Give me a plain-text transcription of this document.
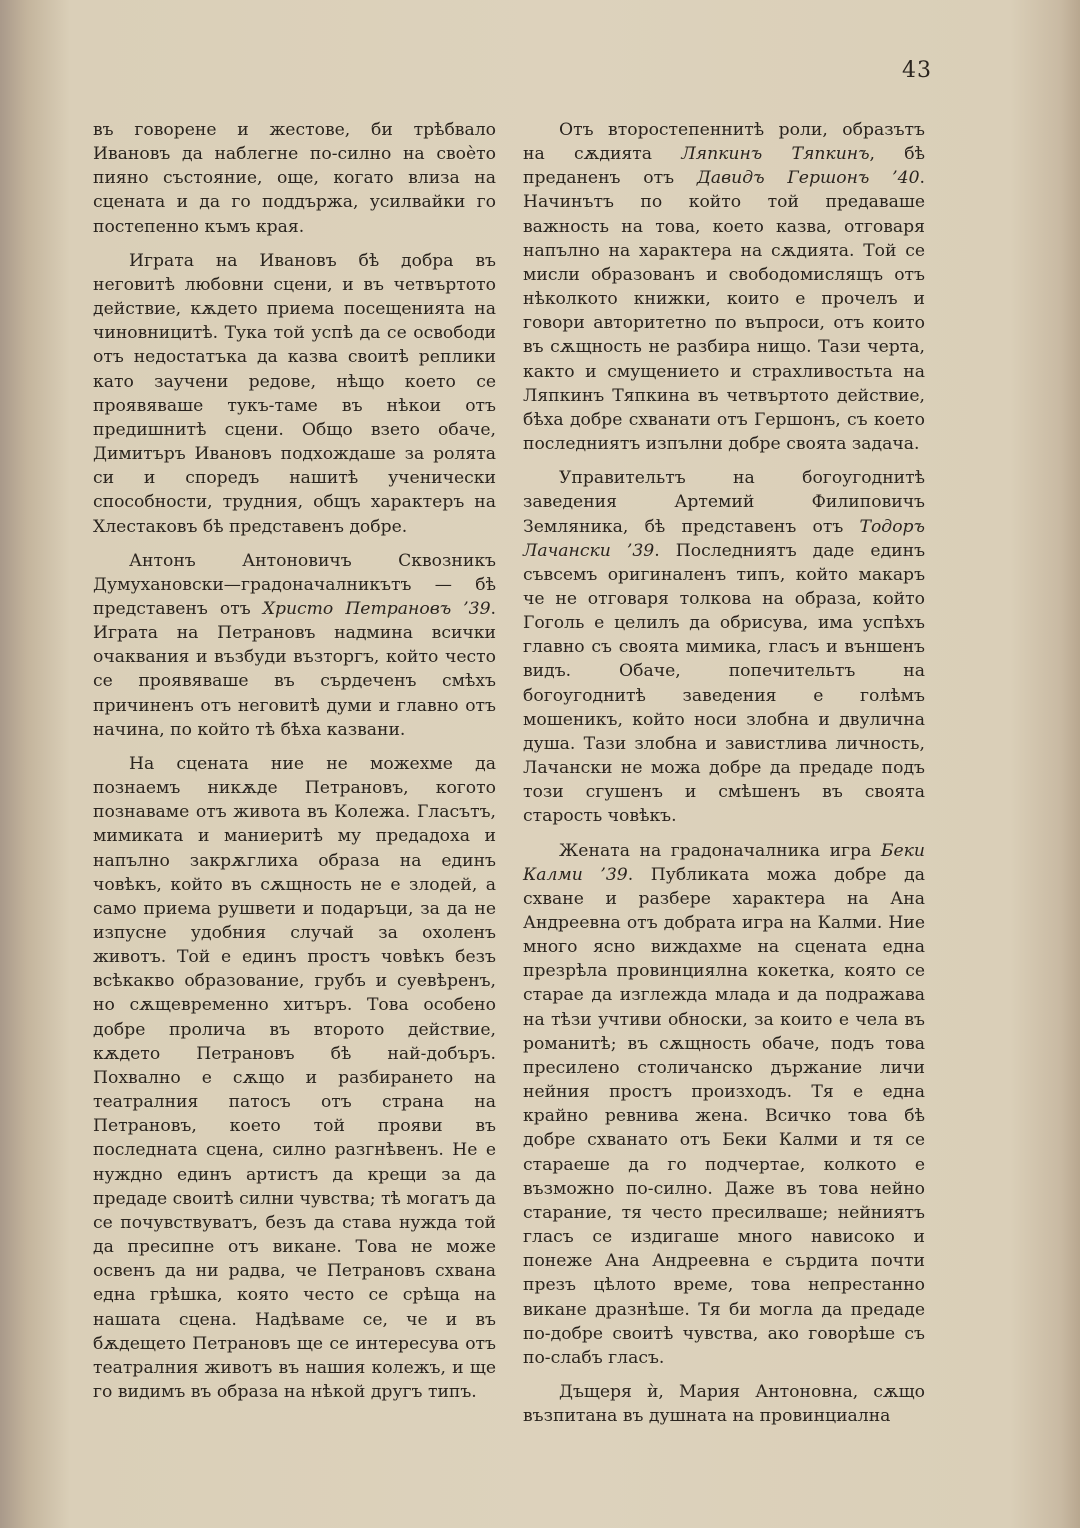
43

въ говорене и жестове, би трѣбвало Ивановъ да наблегне по-силно на своѐто пияно състояние, още, когато влиза на сцената и да го поддържа, усилвайки го постепенно къмъ края.

Играта на Ивановъ бѣ добра въ неговитѣ любовни сцени, и въ четвъртото действие, кѫдето приема посещенията на чиновницитѣ. Тука той успѣ да се освободи отъ недостатъка да казва своитѣ реплики като заучени редове, нѣщо което се проявяваше тукъ-таме въ нѣкои отъ предишнитѣ сцени. Общо взето обаче, Димитъръ Ивановъ подхождаше за ролята си и споредъ нашитѣ ученически способности, трудния, общъ характеръ на Хлестаковъ бѣ представенъ добре.

Антонъ Антоновичъ Сквозникъ Думухановски—градоначалникътъ — бѣ представенъ отъ Христо Петрановъ ’39. Играта на Петрановъ надмина всички очаквания и възбуди възторгъ, който често се проявяваше въ сърдеченъ смѣхъ причиненъ отъ неговитѣ думи и главно отъ начина, по който тѣ бѣха казвани.

На сцената ние не можехме да познаемъ никѫде Петрановъ, когото познаваме отъ живота въ Колежа. Гласътъ, мимиката и маниеритѣ му предадоха и напълно закрѫглиха образа на единъ човѣкъ, който въ сѫщность не е злодей, а само приема рушвети и подаръци, за да не изпусне удобния случай за охоленъ животъ. Той е единъ простъ човѣкъ безъ всѣкакво образование, грубъ и суевѣренъ, но сѫщевременно хитъръ. Това особено добре пролича въ второто действие, кѫдето Петрановъ бѣ най-добъръ. Похвално е сѫщо и разбирането на театралния патосъ отъ страна на Петрановъ, което той прояви въ последната сцена, силно разгнѣвенъ. Не е нуждно единъ артистъ да крещи за да предаде своитѣ силни чувства; тѣ могатъ да се почувствуватъ, безъ да става нужда той да пресипне отъ викане. Това не може освенъ да ни радва, че Петрановъ схвана една грѣшка, която често се срѣща на нашата сцена. Надѣваме се, че и въ бѫдещето Петрановъ ще се интересува отъ театралния животъ въ нашия колежъ, и ще го видимъ въ образа на нѣкой другъ типъ.

Отъ второстепеннитѣ роли, образътъ на сѫдията Ляпкинъ Тяпкинъ, бѣ преданенъ отъ Давидъ Гершонъ ’40. Начинътъ по който той предаваше важность на това, което казва, отговаря напълно на характера на сѫдията. Той се мисли образованъ и свободомислящъ отъ нѣколкото книжки, които е прочелъ и говори авторитетно по въпроси, отъ които въ сѫщность не разбира нищо. Тази черта, както и смущението и страхливостьта на Ляпкинъ Тяпкина въ четвъртото действие, бѣха добре схванати отъ Гершонъ, съ което последниятъ изпълни добре своята задача.

Управительтъ на богоугоднитѣ заведения Артемий Филиповичъ Земляника, бѣ представенъ отъ Тодоръ Лачански ’39. Последниятъ даде единъ съвсемъ оригиналенъ типъ, който макаръ че не отговаря толкова на образа, който Гоголь е целилъ да обрисува, има успѣхъ главно съ своята мимика, гласъ и външенъ видъ. Обаче, попечительтъ на богоугоднитѣ заведения е голѣмъ мошеникъ, който носи злобна и двулична душа. Тази злобна и завистлива личность, Лачански не можа добре да предаде подъ този сгушенъ и смѣшенъ въ своята старость човѣкъ.

Жената на градоначалника игра Беки Калми ’39. Публиката можа добре да схване и разбере характера на Ана Андреевна отъ добрата игра на Калми. Ние много ясно виждахме на сцената една презрѣла провинциялна кокетка, която се старае да изглежда млада и да подражава на тѣзи учтиви обноски, за които е чела въ романитѣ; въ сѫщность обаче, подъ това пресилено столичанско държание личи нейния простъ произходъ. Тя е една крайно ревнива жена. Всичко това бѣ добре схванато отъ Беки Калми и тя се стараеше да го подчертае, колкото е възможно по-силно. Даже въ това нейно старание, тя често пресилваше; нейниятъ гласъ се издигаше много нависоко и понеже Ана Андреевна е сърдита почти презъ цѣлото време, това непрестанно викане дразнѣше. Тя би могла да предаде по-добре своитѣ чувства, ако говорѣше съ по-слабъ гласъ.

Дъщеря ѝ, Мария Антоновна, сѫщо възпитана въ душната на провинциална
